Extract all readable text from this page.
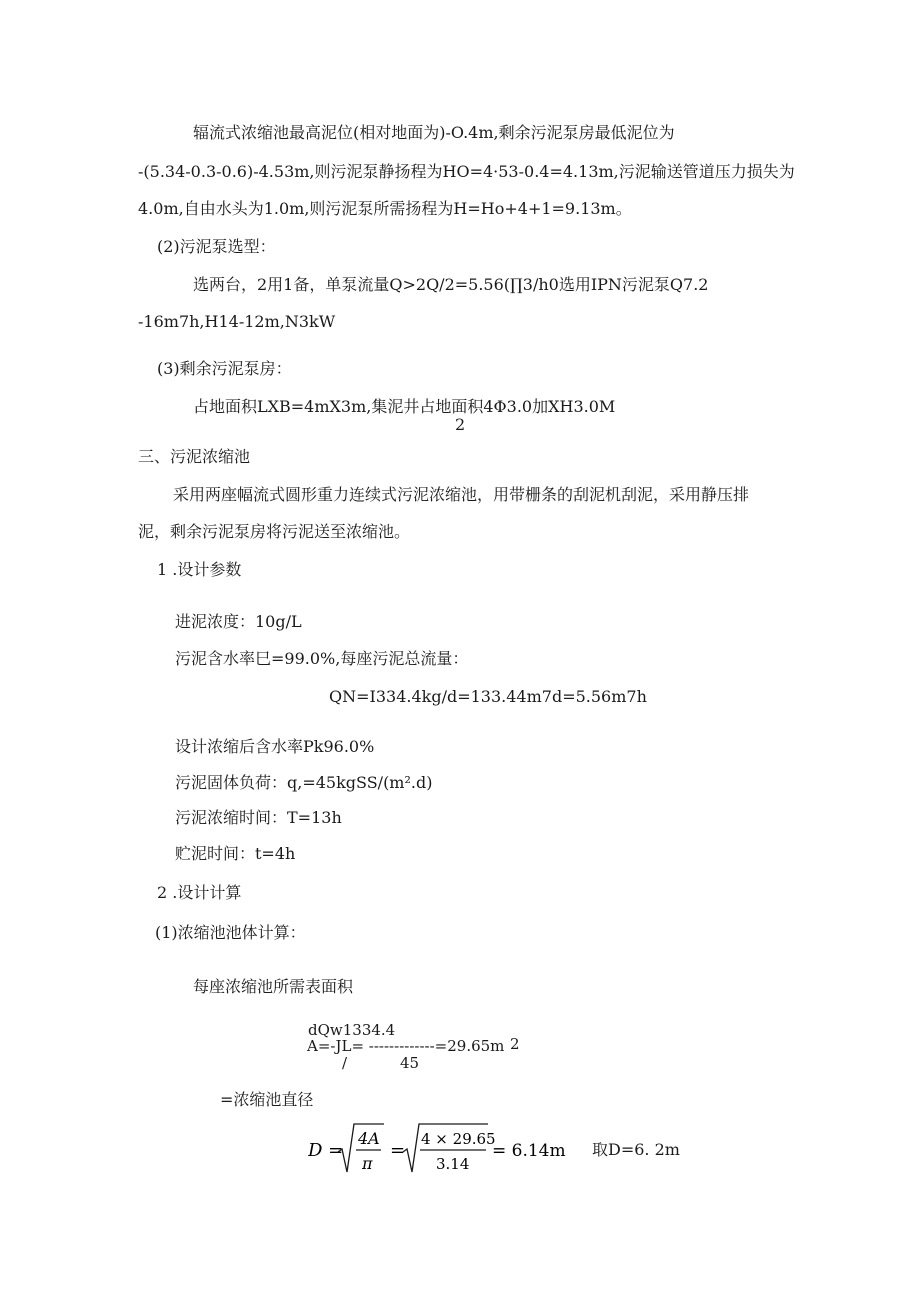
辐流式浓缩池最高泥位(相对地面为)-O.4m,剩余污泥泵房最低泥位为
-(5.34-0.3-0.6)-4.53m,则污泥泵静扬程为HO=4·53-0.4=4.13m,污泥输送管道压力损失为
4.0m,自由水头为1.0m,则污泥泵所需扬程为H=Ho+4+1=9.13m。
(2)污泥泵选型：
选两台，2用1备，单泵流量Q>2Q∕2=5.56(∏3∕h0选用IPN污泥泵Q7.2
-16m7h,H14-12m,N3kW
(3)剩余污泥泵房：
占地面积LXB=4mX3m,集泥井占地面积4Φ3.0加XH3.0M
2
三、污泥浓缩池
采用两座幅流式圆形重力连续式污泥浓缩池，用带栅条的刮泥机刮泥，采用静压排
泥，剩余污泥泵房将污泥送至浓缩池。
1 .设计参数
进泥浓度：10g∕L
污泥含水率巳=99.0%,每座污泥总流量：
QN=I334.4kg∕d=133.44m7d=5.56m7h
设计浓缩后含水率Pk96.0%
污泥固体负荷：q,=45kgSS∕(m².d)
污泥浓缩时间：T=13h
贮泥时间：t=4h
2 .设计计算
(1)浓缩池池体计算：
每座浓缩池所需表面积
dQw1334.4
A=-JL= -------------=29.65m 2
/	45
=浓缩池直径
D =
4A
π
=
4 × 29.65
3.14
= 6.14m 取D=6. 2m
